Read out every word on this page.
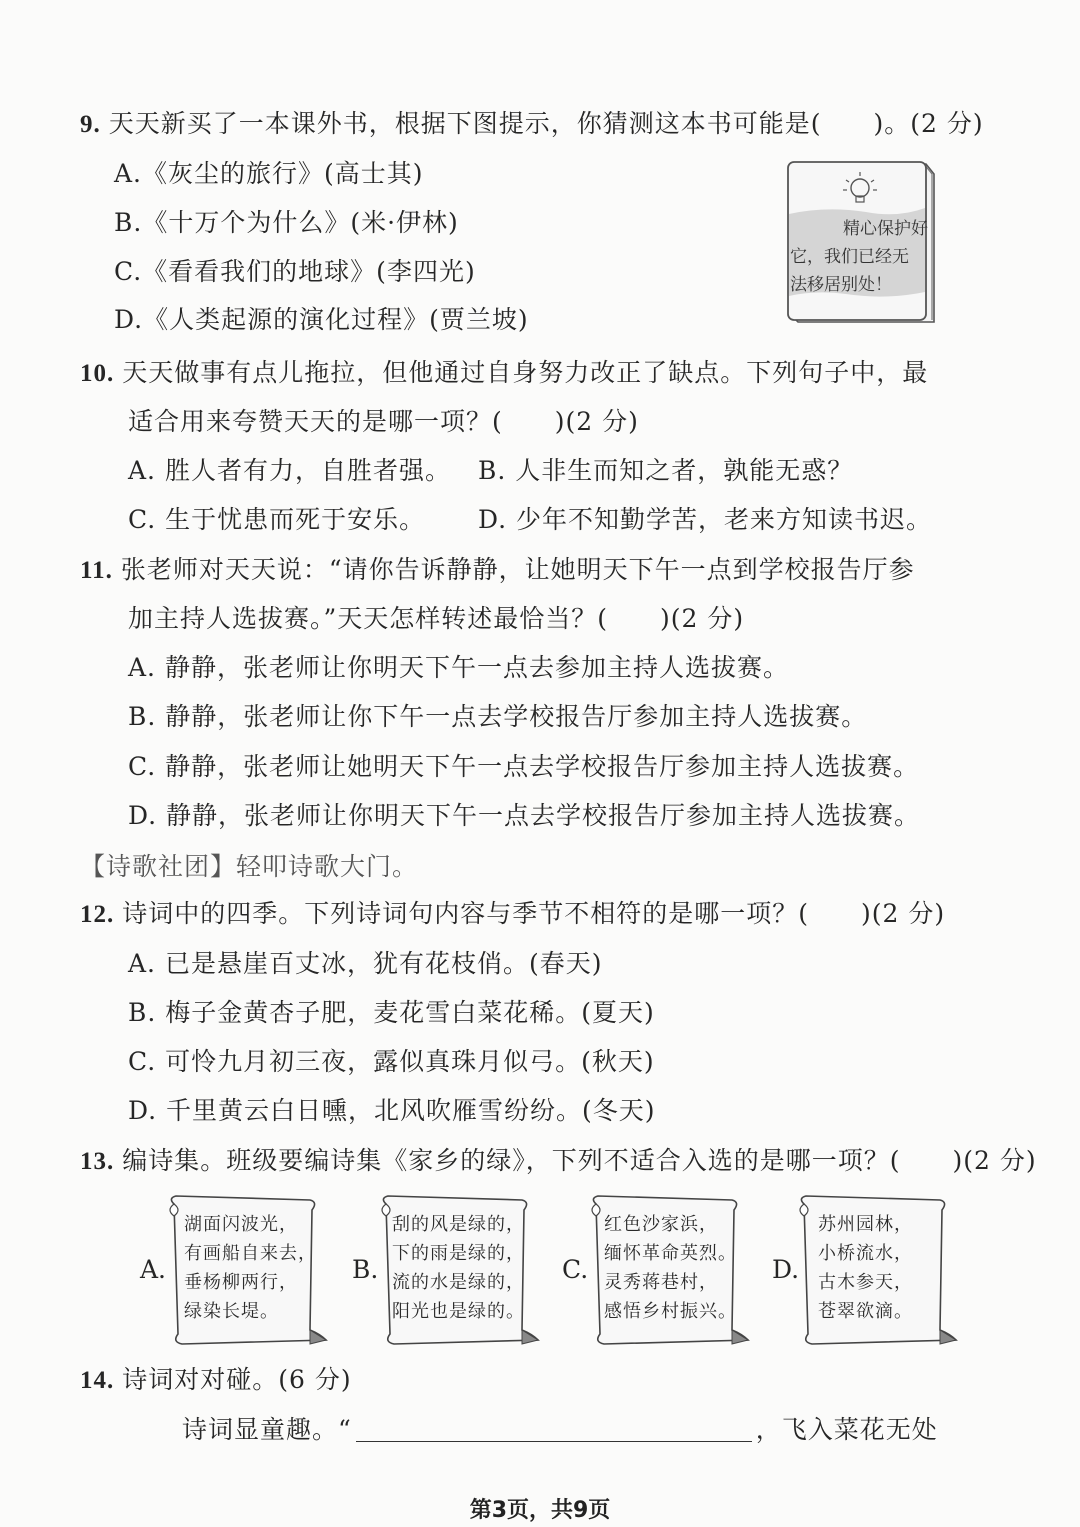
9. 天天新买了一本课外书，根据下图提示，你猜测这本书可能是(　　)。(2 分)
A.《灰尘的旅行》(高士其)
B.《十万个为什么》(米·伊林)
C.《看看我们的地球》(李四光)
D.《人类起源的演化过程》(贾兰坡)
精心保护好
它，我们已经无
法移居别处！
10. 天天做事有点儿拖拉，但他通过自身努力改正了缺点。下列句子中，最
适合用来夸赞天天的是哪一项？(　　)(2 分)
A. 胜人者有力，自胜者强。 B. 人非生而知之者，孰能无惑？
C. 生于忧患而死于安乐。 D. 少年不知勤学苦，老来方知读书迟。
11. 张老师对天天说：“请你告诉静静，让她明天下午一点到学校报告厅参
加主持人选拔赛。”天天怎样转述最恰当？(　　)(2 分)
A. 静静，张老师让你明天下午一点去参加主持人选拔赛。
B. 静静，张老师让你下午一点去学校报告厅参加主持人选拔赛。
C. 静静，张老师让她明天下午一点去学校报告厅参加主持人选拔赛。
D. 静静，张老师让你明天下午一点去学校报告厅参加主持人选拔赛。
【诗歌社团】轻叩诗歌大门。
12. 诗词中的四季。下列诗词句内容与季节不相符的是哪一项？(　　)(2 分)
A. 已是悬崖百丈冰，犹有花枝俏。(春天)
B. 梅子金黄杏子肥，麦花雪白菜花稀。(夏天)
C. 可怜九月初三夜，露似真珠月似弓。(秋天)
D. 千里黄云白日曛，北风吹雁雪纷纷。(冬天)
13. 编诗集。班级要编诗集《家乡的绿》，下列不适合入选的是哪一项？(　　)(2 分)
A.
湖面闪波光，
有画船自来去，
垂杨柳两行，
绿染长堤。
B.
刮的风是绿的，
下的雨是绿的，
流的水是绿的，
阳光也是绿的。
C.
红色沙家浜，
缅怀革命英烈。
灵秀蒋巷村，
感悟乡村振兴。
D.
苏州园林，
小桥流水，
古木参天，
苍翠欲滴。
14. 诗词对对碰。(6 分)
诗词显童趣。“	，飞入菜花无处
第3页，共9页
